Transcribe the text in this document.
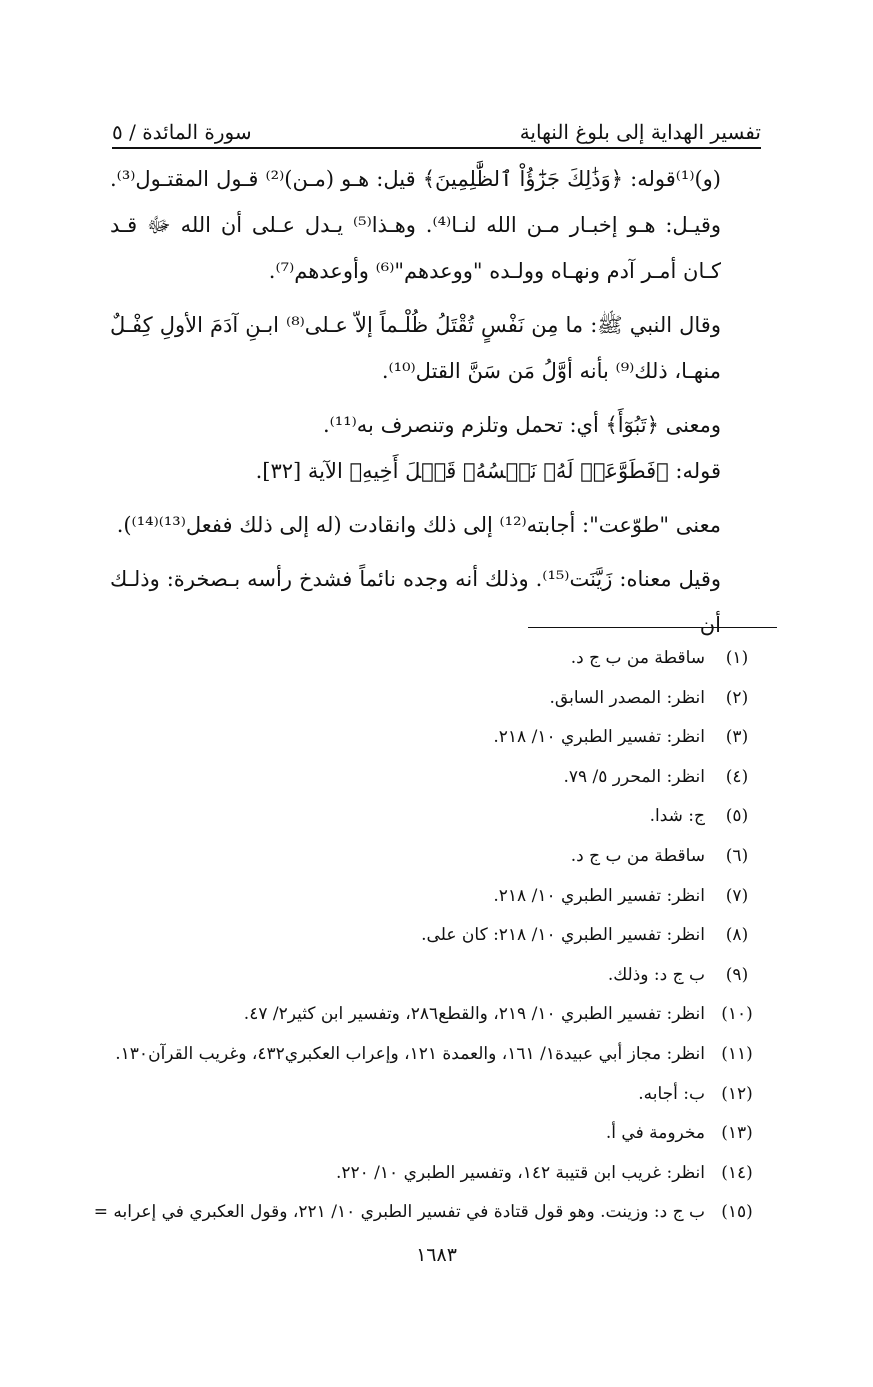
تفسير الهداية إلى بلوغ النهاية
سورة المائدة / ٥

(و)⁽¹⁾قوله: ﴿وَذَٰلِكَ جَزَٰٓؤُاْ ٱلظَّٰلِمِينَ﴾ قيل: هـو (مـن)⁽²⁾ قـول المقتـول⁽³⁾. وقيـل: هـو إخبـار مـن الله لنـا⁽⁴⁾. وهـذا⁽⁵⁾ يـدل عـلى أن الله ﷻ قـد كـان أمـر آدم ونهـاه وولـده "ووعدهم"⁽⁶⁾ وأوعدهم⁽⁷⁾.

وقال النبي ﷺ: ما مِن نَفْسٍ تُقْتَلُ ظُلْـماً إلاّ عـلى⁽⁸⁾ ابـنِ آدَمَ الأولِ كِفْـلٌ منهـا، ذلك⁽⁹⁾ بأنه أوَّلُ مَن سَنَّ القتل⁽¹⁰⁾.

ومعنى ﴿تَبُوٓأَ﴾ أي: تحمل وتلزم وتنصرف به⁽¹¹⁾.

قوله: ﴿فَطَوَّعَتۡ لَهُۥ نَفۡسُهُۥ قَتۡلَ أَخِيهِ﴾ الآية [٣٢].

معنى "طوّعت": أجابته⁽¹²⁾ إلى ذلك وانقادت (له إلى ذلك ففعل⁽¹³⁾⁽¹⁴⁾).

وقيل معناه: زَيَّنَت⁽¹⁵⁾. وذلك أنه وجده نائماً فشدخ رأسه بـصخرة: وذلـك أن

(١)
ساقطة من ب ج د.
(٢)
انظر: المصدر السابق.
(٣)
انظر: تفسير الطبري ١٠/ ٢١٨.
(٤)
انظر: المحرر ٥/ ٧٩.
(٥)
ج: شدا.
(٦)
ساقطة من ب ج د.
(٧)
انظر: تفسير الطبري ١٠/ ٢١٨.
(٨)
انظر: تفسير الطبري ١٠/ ٢١٨: كان على.
(٩)
ب ج د: وذلك.
(١٠)
انظر: تفسير الطبري ١٠/ ٢١٩، والقطع٢٨٦، وتفسير ابن كثير٢/ ٤٧.
(١١)
انظر: مجاز أبي عبيدة١/ ١٦١، والعمدة ١٢١، وإعراب العكبري٤٣٢، وغريب القرآن١٣٠.
(١٢)
ب: أجابه.
(١٣)
مخرومة في أ.
(١٤)
انظر: غريب ابن قتيبة ١٤٢، وتفسير الطبري ١٠/ ٢٢٠.
(١٥)
ب ج د: وزينت. وهو قول قتادة في تفسير الطبري ١٠/ ٢٢١، وقول العكبري في إعرابه =
١٦٨٣
